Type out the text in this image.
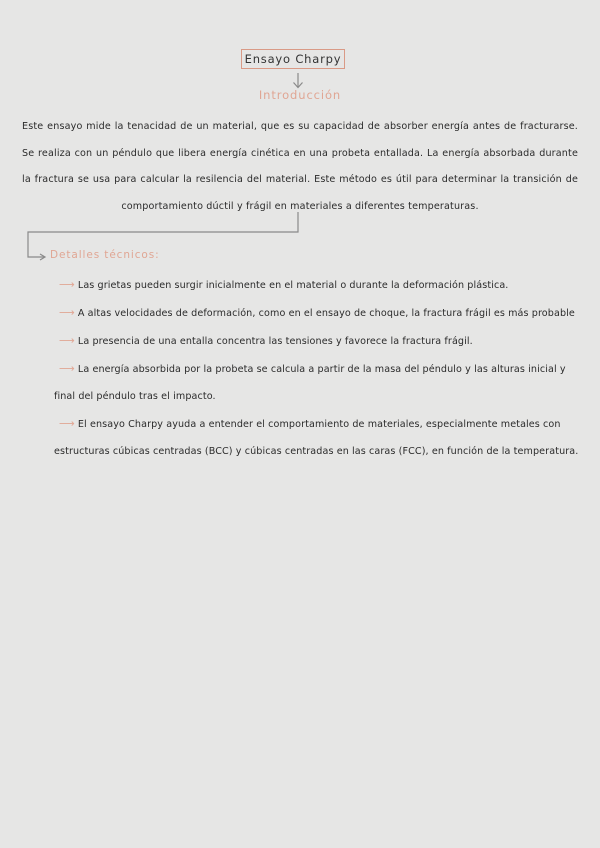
Ensayo Charpy
Introducción

Este ensayo mide la tenacidad de un material, que es su capacidad de absorber energía antes de fracturarse. Se realiza con un péndulo que libera energía cinética en una probeta entallada. La energía absorbada durante la fractura se usa para calcular la resilencia del material. Este método es útil para determinar la transición de comportamiento dúctil y frágil en materiales a diferentes temperaturas.

Detalles técnicos:
⟶ Las grietas pueden surgir inicialmente en el material o durante la deformación plástica.
⟶ A altas velocidades de deformación, como en el ensayo de choque, la fractura frágil es más probable
⟶ La presencia de una entalla concentra las tensiones y favorece la fractura frágil.
⟶ La energía absorbida por la probeta se calcula a partir de la masa del péndulo y las alturas inicial y final del péndulo tras el impacto.
⟶ El ensayo Charpy ayuda a entender el comportamiento de materiales, especialmente metales con estructuras cúbicas centradas (BCC) y cúbicas centradas en las caras (FCC), en función de la temperatura.
